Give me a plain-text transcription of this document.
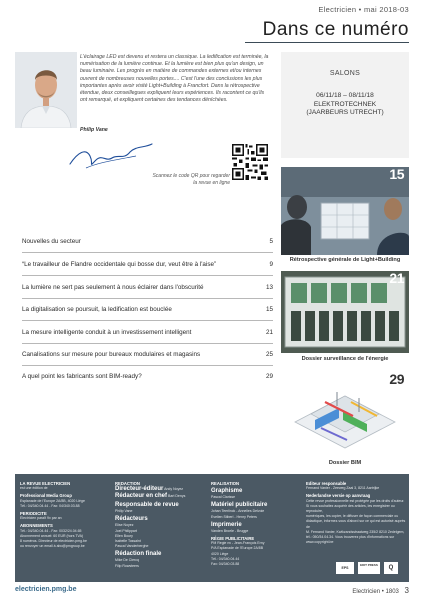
Electricien • mai 2018-03
Dans ce numéro
L'éclairage LED est devenu et restera un classique. La ledification est terminée, la numérisation de la lumière continue. Et la lumière est bien plus qu'un design, un beau luminaire. Les progrès en matière de commandes externes et/ou internes ouvrent de nombreuses nouvelles portes.... C'est l'une des conclusions les plus importantes après avoir visité Light+Building à Francfort. Dans la rétrospective étendue, deux conseillegues expliquent leurs expériences. Ils racontent ce qu'ils ont remarqué, et expliquent certaines des tendances déníchées.
Philip Vane
Scannez le code QR pour regarder la revue en ligne
SALONS
06/11/18 – 08/11/18
ELEKTROTECHNEK
(JAARBEURS UTRECHT)
Nouvelles du secteur	5
“Le travailleur de Flandre occidentale qui bosse dur, veut être à l'aise”	9
La lumière ne sert pas seulement à nous éclairer dans l'obscurité	13
La digitalisation se poursuit, la ledification est bouclée	15
La mesure intelligente conduit à un investissement intelligent	21
Canalisations sur mesure pour bureaux modulaires et magasins	25
A quel point les fabricants sont BIM-ready?	29
15
Rétrospective générale de Light+Building
21
Dossier surveillance de l'énergie
29
Dossier BIM
LA REVUE ELECTRICIEN
est une édition de
Professional Media Group
Esplanade de l'Europe 2A/8B, 4020 Liège
Tél.: 04/340.04.44 - Fax: 04/340.03.88
PERIODICITE
Electricien paraît 9x par an
ABONNEMENTS
Tél.: 04/340.04.44 - Fax: 0032/24.04.65
Abonnement annuel: 60 EUR (hors TVA)
8 numéros. Directeur de electricien.pmg.be
ou renvoyer un email à abo@pmgroup.be
REDACTION
Directeur-éditeur Andy Noyez
Rédacteur en chef Bart Denys
Responsable de revue
Philip Vane
Rédacteurs
Elise Noyez
Joel Philippart
Ellen Boury
Isabelle Tossaint
Pascal Vanderberghe
Rédaction finale
Mike De Clercq
Filip Rowsteers
REALISATION
Graphisme
Pascal Clarisse
Matériel publicitaire
Johan Teerlinck - Annelies Delvoie
Evelien Stiberl - Henry Peters
Imprimerie
Vanden Broele - Brugge
RÉGIE PUBLICITAIRE
PM Regie nv - Jean-François Erny
P/A Esplanade de l'Europe 2A/8B
4020 Liège
Tél.: 04/340.04.44
Fax: 04/340.03.88
Editeur responsable
Fernand Vanier - Zeeweg Zaal 3, 8211 Aartrijke
Nederlandse versie op aanvraag
Cette revue professionnelle est protégée par les droits d'auteur.
Si vous souhaitez acquérir des articles, les enregistrer ou reproduire,
numériques, les copier, le diffuser de façon commerciale ou
didactique, informez-vous d'abord sur ce qui est autorisé auprès de
M. Fernand Vanier, Kwikzandsstraatweg 235/2 8210 Zedelgem,
tél.: 050/34.04.34. Vous trouverez plus d'informations sur
www.copyright.be
EPS
EDIT PRESS	Q
electricien.pmg.be	Electricien • 1803 3
